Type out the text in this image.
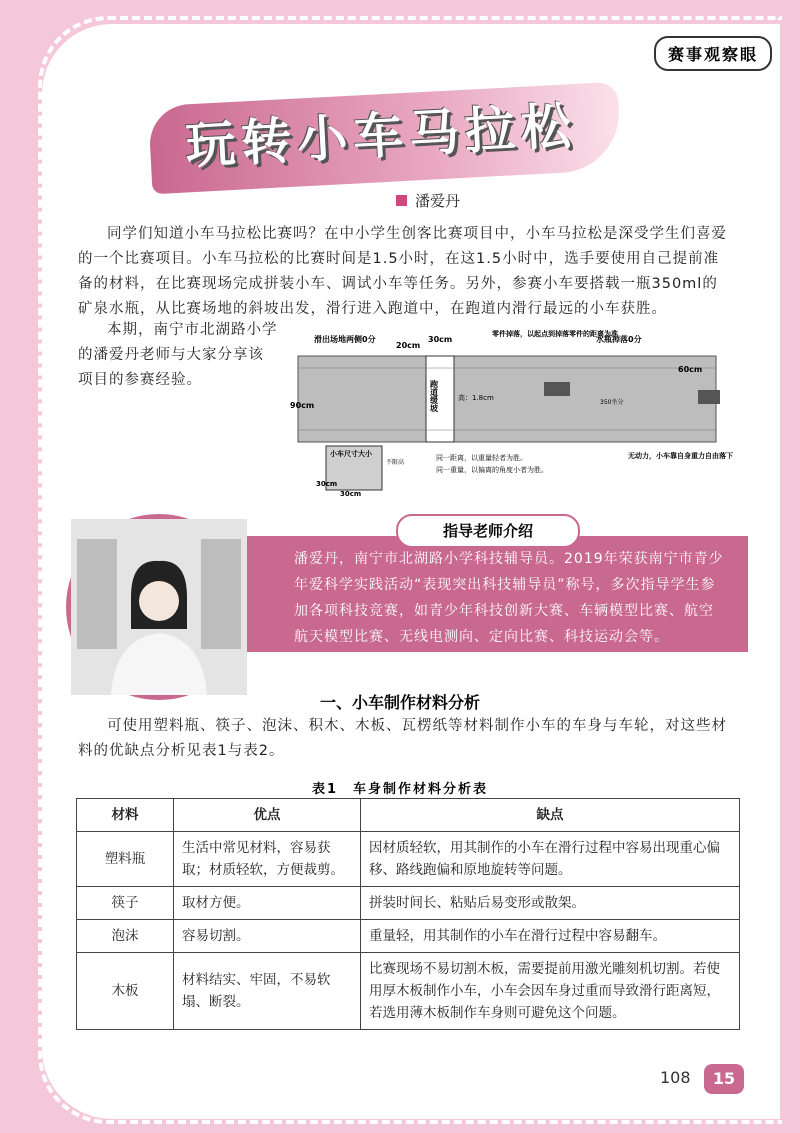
赛事观察眼
玩转小车马拉松
潘爱丹
同学们知道小车马拉松比赛吗？在中小学生创客比赛项目中，小车马拉松是深受学生们喜爱的一个比赛项目。小车马拉松的比赛时间是1.5小时，在这1.5小时中，选手要使用自己提前准备的材料，在比赛现场完成拼装小车、调试小车等任务。另外，参赛小车要搭载一瓶350ml的矿泉水瓶，从比赛场地的斜坡出发，滑行进入跑道中，在跑道内滑行最远的小车获胜。
本期，南宁市北湖路小学的潘爱丹老师与大家分享该项目的参赛经验。
滑出场地两侧0分
20cm
30cm
跑道缓坡
零件掉落，以起点到掉落零件的距离为准
水瓶掉落0分
90cm
60cm
高：1.8cm
350坐分
小车尺寸大小
30cm
30cm
不限高
同一距离，以重量轻者为胜。
同一重量，以偏离的角度小者为胜。
无动力，小车靠自身重力自由落下
指导老师介绍
潘爱丹，南宁市北湖路小学科技辅导员。2019年荣获南宁市青少年爱科学实践活动“表现突出科技辅导员”称号，多次指导学生参加各项科技竞赛，如青少年科技创新大赛、车辆模型比赛、航空航天模型比赛、无线电测向、定向比赛、科技运动会等。
一、小车制作材料分析
可使用塑料瓶、筷子、泡沫、积木、木板、瓦楞纸等材料制作小车的车身与车轮，对这些材料的优缺点分析见表1与表2。
表1　车身制作材料分析表
材料	优点	缺点
塑料瓶	生活中常见材料，容易获取；材质轻软，方便裁剪。	因材质轻软，用其制作的小车在滑行过程中容易出现重心偏移、路线跑偏和原地旋转等问题。
筷子	取材方便。	拼装时间长、粘贴后易变形或散架。
泡沫	容易切割。	重量轻，用其制作的小车在滑行过程中容易翻车。
木板	材料结实、牢固，不易软塌、断裂。	比赛现场不易切割木板，需要提前用激光雕刻机切割。若使用厚木板制作小车，小车会因车身过重而导致滑行距离短，若选用薄木板制作车身则可避免这个问题。
108	15
